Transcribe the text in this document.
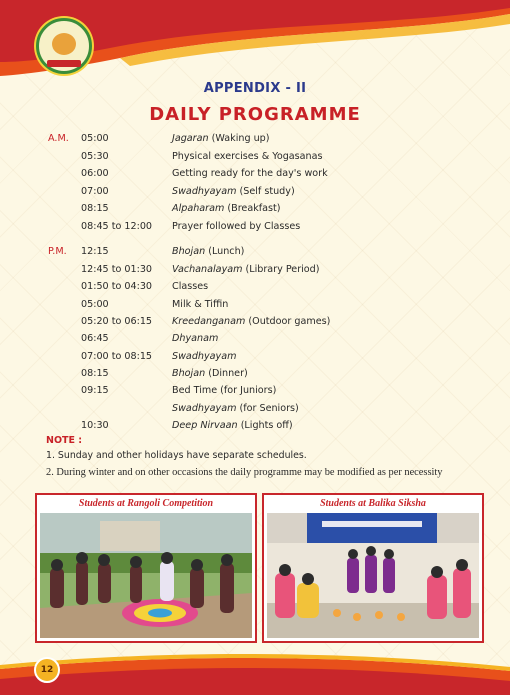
APPENDIX - II
DAILY PROGRAMME
A.M. 05:00	Jagaran (Waking up)
05:30	Physical exercises & Yogasanas
06:00	Getting ready for the day's work
07:00	Swadhyayam (Self study)
08:15	Alpaharam (Breakfast)
08:45 to 12:00 Prayer followed by Classes
P.M. 12:15	Bhojan (Lunch)
12:45 to 01:30 Vachanalayam (Library Period)
01:50 to 04:30 Classes
05:00	Milk & Tiffin
05:20 to 06:15 Kreedanganam (Outdoor games)
06:45	Dhyanam
07:00 to 08:15 Swadhyayam
08:15	Bhojan (Dinner)
09:15	Bed Time (for Juniors)
Swadhyayam (for Seniors)
10:30	Deep Nirvaan (Lights off)
NOTE :
1. Sunday and other holidays have separate schedules.
2. During winter and on other occasions the daily programme may be modified as per necessity
Students at Rangoli Competition	Students at Balika Siksha
12
